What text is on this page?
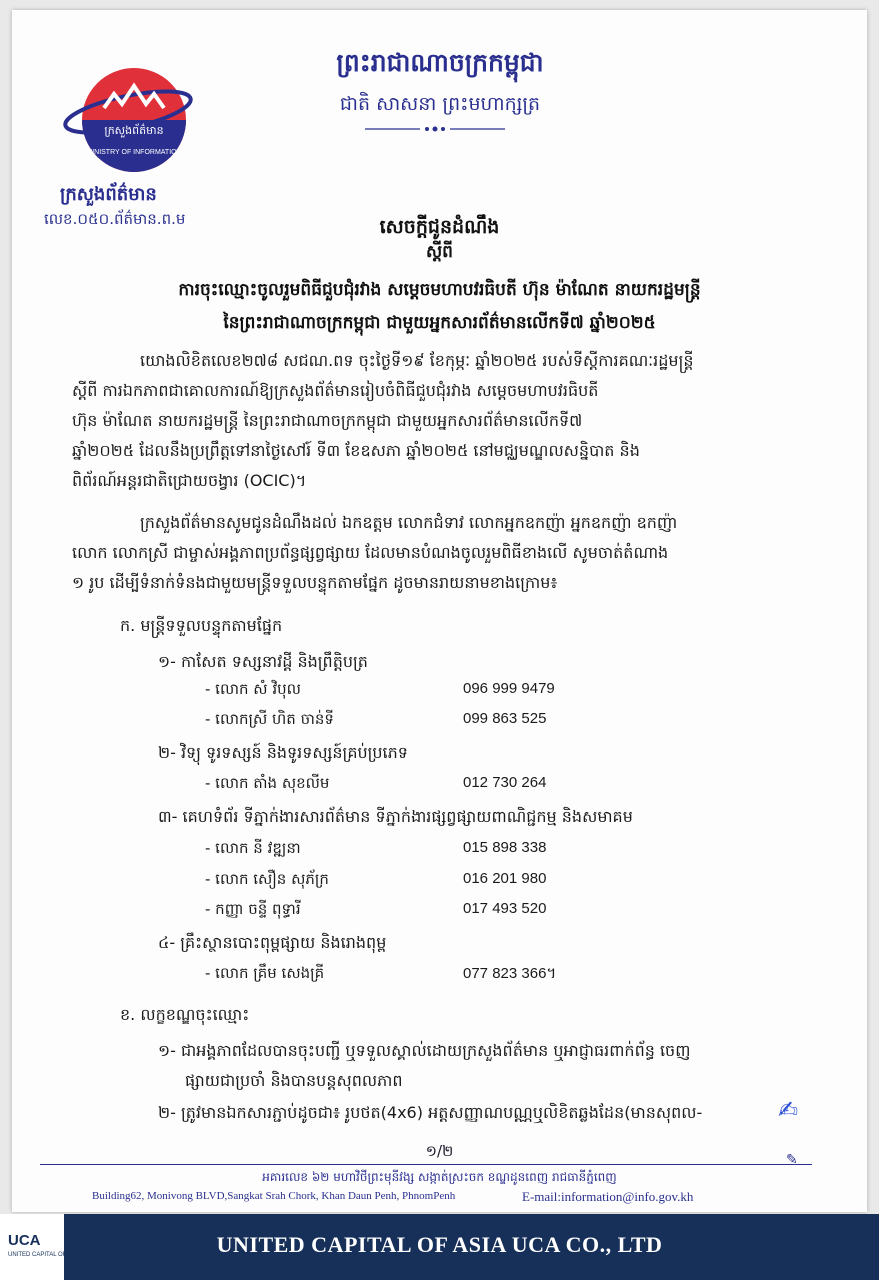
ក្រសួងព័ត៌មាន
MINISTRY OF INFORMATION
ព្រះរាជាណាចក្រកម្ពុជា
ជាតិ សាសនា ព្រះមហាក្សត្រ
ក្រសួងព័ត៌មាន
លេខ.០៥០.ព័ត៌មាន.ព.ម	សេចក្តីជូនដំណឹង
ស្តីពី
ការចុះឈ្មោះចូលរួមពិធីជួបជុំរវាង សម្តេចមហាបវរធិបតី ហ៊ុន ម៉ាណែត នាយករដ្ឋមន្ត្រី
នៃព្រះរាជាណាចក្រកម្ពុជា ជាមួយអ្នកសារព័ត៌មានលើកទី៧ ឆ្នាំ២០២៥
យោងលិខិតលេខ២៧៨ សជណ.ពទ ចុះថ្ងៃទី១៩ ខែកុម្ភៈ ឆ្នាំ២០២៥ របស់ទីស្តីការគណៈរដ្ឋមន្ត្រី
ស្តីពី ការឯកភាពជាគោលការណ៍ឱ្យក្រសួងព័ត៌មានរៀបចំពិធីជួបជុំរវាង សម្តេចមហាបវរធិបតី
ហ៊ុន ម៉ាណែត នាយករដ្ឋមន្ត្រី នៃព្រះរាជាណាចក្រកម្ពុជា ជាមួយអ្នកសារព័ត៌មានលើកទី៧
ឆ្នាំ២០២៥ ដែលនឹងប្រព្រឹត្តទៅនាថ្ងៃសៅរ៍ ទី៣ ខែឧសភា ឆ្នាំ២០២៥ នៅមជ្ឈមណ្ឌលសន្និបាត និង
ពិព័រណ៍អន្តរជាតិជ្រោយចង្វារ (OCIC)។
ក្រសួងព័ត៌មានសូមជូនដំណឹងដល់ ឯកឧត្តម លោកជំទាវ លោកអ្នកឧកញ៉ា អ្នកឧកញ៉ា ឧកញ៉ា
លោក លោកស្រី ជាម្ចាស់អង្គភាពប្រព័ន្ធផ្សព្វផ្សាយ ដែលមានបំណងចូលរួមពិធីខាងលើ សូមចាត់តំណាង
១ រូប ដើម្បីទំនាក់ទំនងជាមួយមន្ត្រីទទួលបន្ទុកតាមផ្នែក ដូចមានរាយនាមខាងក្រោម៖
ក. មន្ត្រីទទួលបន្ទុកតាមផ្នែក
១- កាសែត ទស្សនាវដ្តី និងព្រឹត្តិបត្រ
- លោក សំ វិបុល	096 999 9479
- លោកស្រី ហិត ចាន់ទី	099 863 525
២- វិទ្យុ ទូរទស្សន៍ និងទូរទស្សន៍គ្រប់ប្រភេទ
- លោក តាំង សុខលីម	012 730 264
៣- គេហទំព័រ ទីភ្នាក់ងារសារព័ត៌មាន ទីភ្នាក់ងារផ្សព្វផ្សាយពាណិជ្ជកម្ម និងសមាគម
- លោក នី វឌ្ឍនា	015 898 338
- លោក សឿន សុភ័ក្រ	016 201 980
- កញ្ញា ចន្ទី ពុទ្ធារី	017 493 520
៤- គ្រឹះស្ថានបោះពុម្ពផ្សាយ និងរោងពុម្ព
- លោក គ្រឹម សេងគ្រី	077 823 366។
ខ. លក្ខខណ្ឌចុះឈ្មោះ
១- ជាអង្គភាពដែលបានចុះបញ្ជី ឬទទួលស្គាល់ដោយក្រសួងព័ត៌មាន ឬអាជ្ញាធរពាក់ព័ន្ធ ចេញ
ផ្សាយជាប្រចាំ និងបានបន្តសុពលភាព
២- ត្រូវមានឯកសារភ្ជាប់ដូចជា៖ រូបថត(4x6) អត្តសញ្ញាណបណ្ណឬលិខិតឆ្លងដែន(មានសុពល-	✍
✎
១/២
អគារលេខ ៦២ មហាវិថីព្រះមុនីវង្ស សង្កាត់ស្រះចក ខណ្ឌដូនពេញ រាជធានីភ្នំពេញ
Building62, Monivong BLVD,Sangkat Srah Chork, Khan Daun Penh, PhnomPenh	E-mail:information@info.gov.kh
UCA
UNITED CAPITAL OF ASIA	UNITED CAPITAL OF ASIA UCA CO., LTD
